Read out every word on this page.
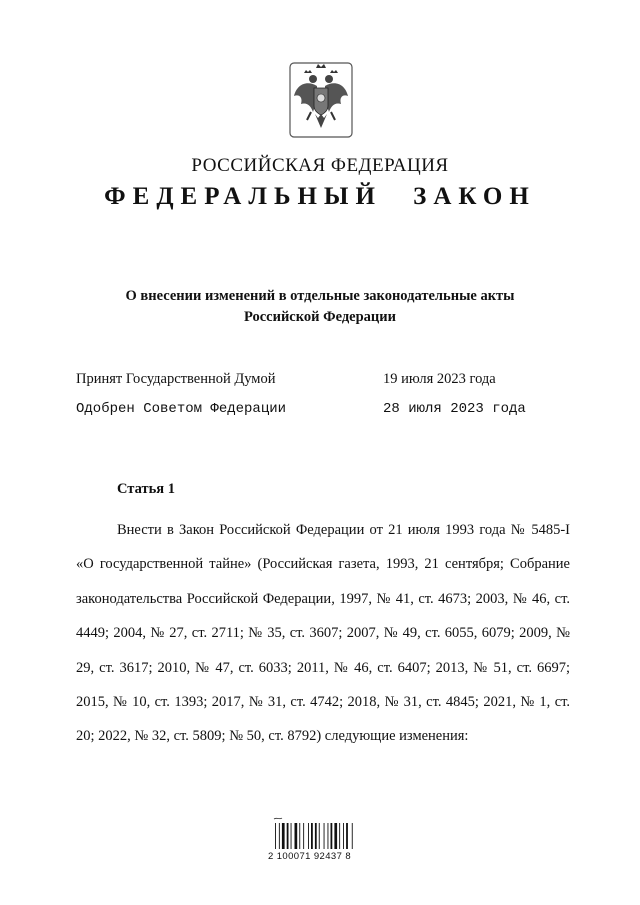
РОССИЙСКАЯ ФЕДЕРАЦИЯ
ФЕДЕРАЛЬНЫЙ ЗАКОН
О внесении изменений в отдельные законодательные акты
Российской Федерации
Принят Государственной Думой	19 июля 2023 года
Одобрен Советом Федерации	28 июля 2023 года
Статья 1
Внести в Закон Российской Федерации от 21 июля 1993 года № 5485-I «О государственной тайне» (Российская газета, 1993, 21 сентября; Собрание законодательства Российской Федерации, 1997, № 41, ст. 4673; 2003, № 46, ст. 4449; 2004, № 27, ст. 2711; № 35, ст. 3607; 2007, № 49, ст. 6055, 6079; 2009, № 29, ст. 3617; 2010, № 47, ст. 6033; 2011, № 46, ст. 6407; 2013, № 51, ст. 6697; 2015, № 10, ст. 1393; 2017, № 31, ст. 4742; 2018, № 31, ст. 4845; 2021, № 1, ст. 20; 2022, № 32, ст. 5809; № 50, ст. 8792) следующие изменения:
2 100071 92437 8
